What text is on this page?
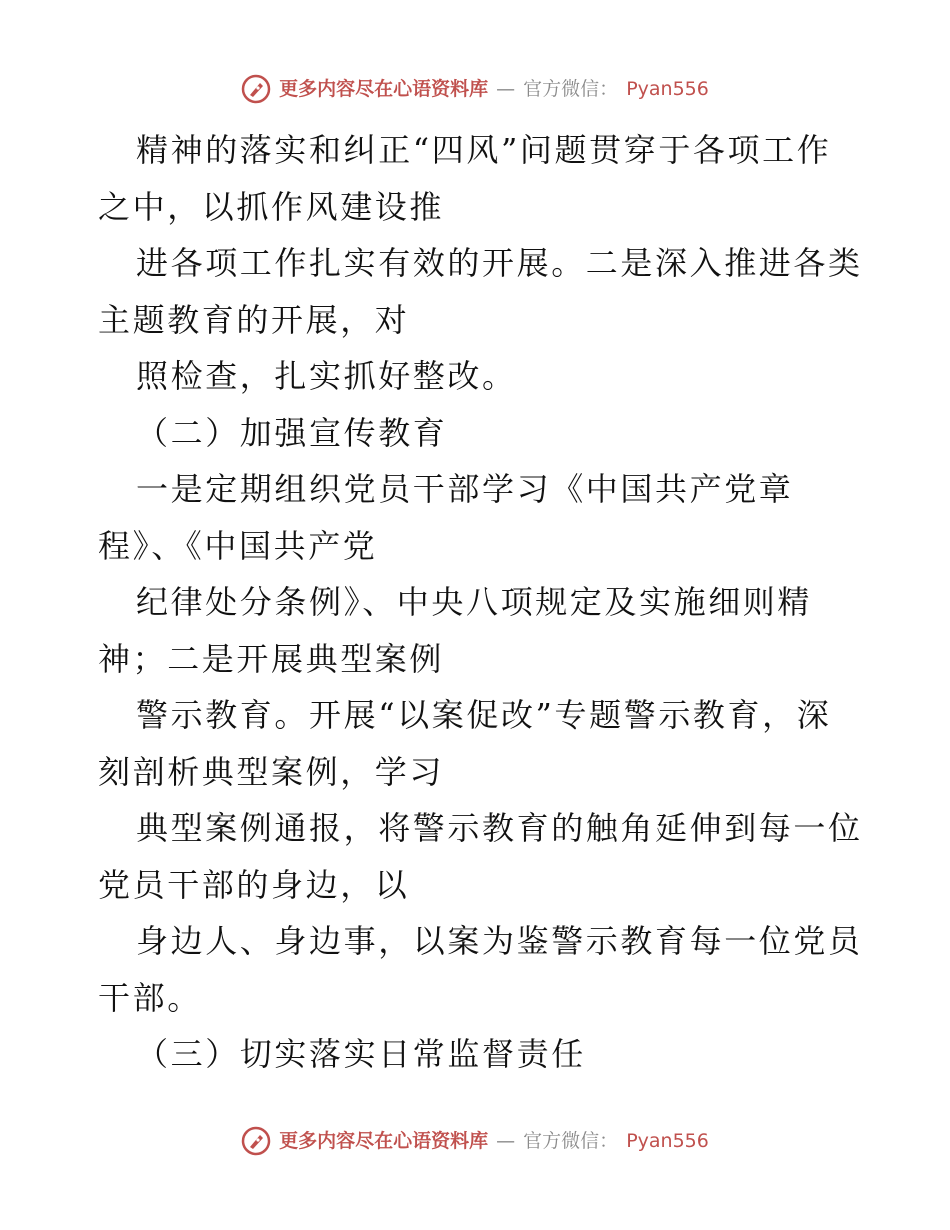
更多内容尽在心语资料库 — 官方微信： Pyan556
精神的落实和纠正“四风”问题贯穿于各项工作
之中，以抓作风建设推
进各项工作扎实有效的开展。二是深入推进各类
主题教育的开展，对
照检查，扎实抓好整改。
（二）加强宣传教育
一是定期组织党员干部学习《中国共产党章
程》、《中国共产党
纪律处分条例》、中央八项规定及实施细则精
神；二是开展典型案例
警示教育。开展“以案促改”专题警示教育，深
刻剖析典型案例，学习
典型案例通报，将警示教育的触角延伸到每一位
党员干部的身边，以
身边人、身边事，以案为鉴警示教育每一位党员
干部。
（三）切实落实日常监督责任
更多内容尽在心语资料库 — 官方微信： Pyan556
